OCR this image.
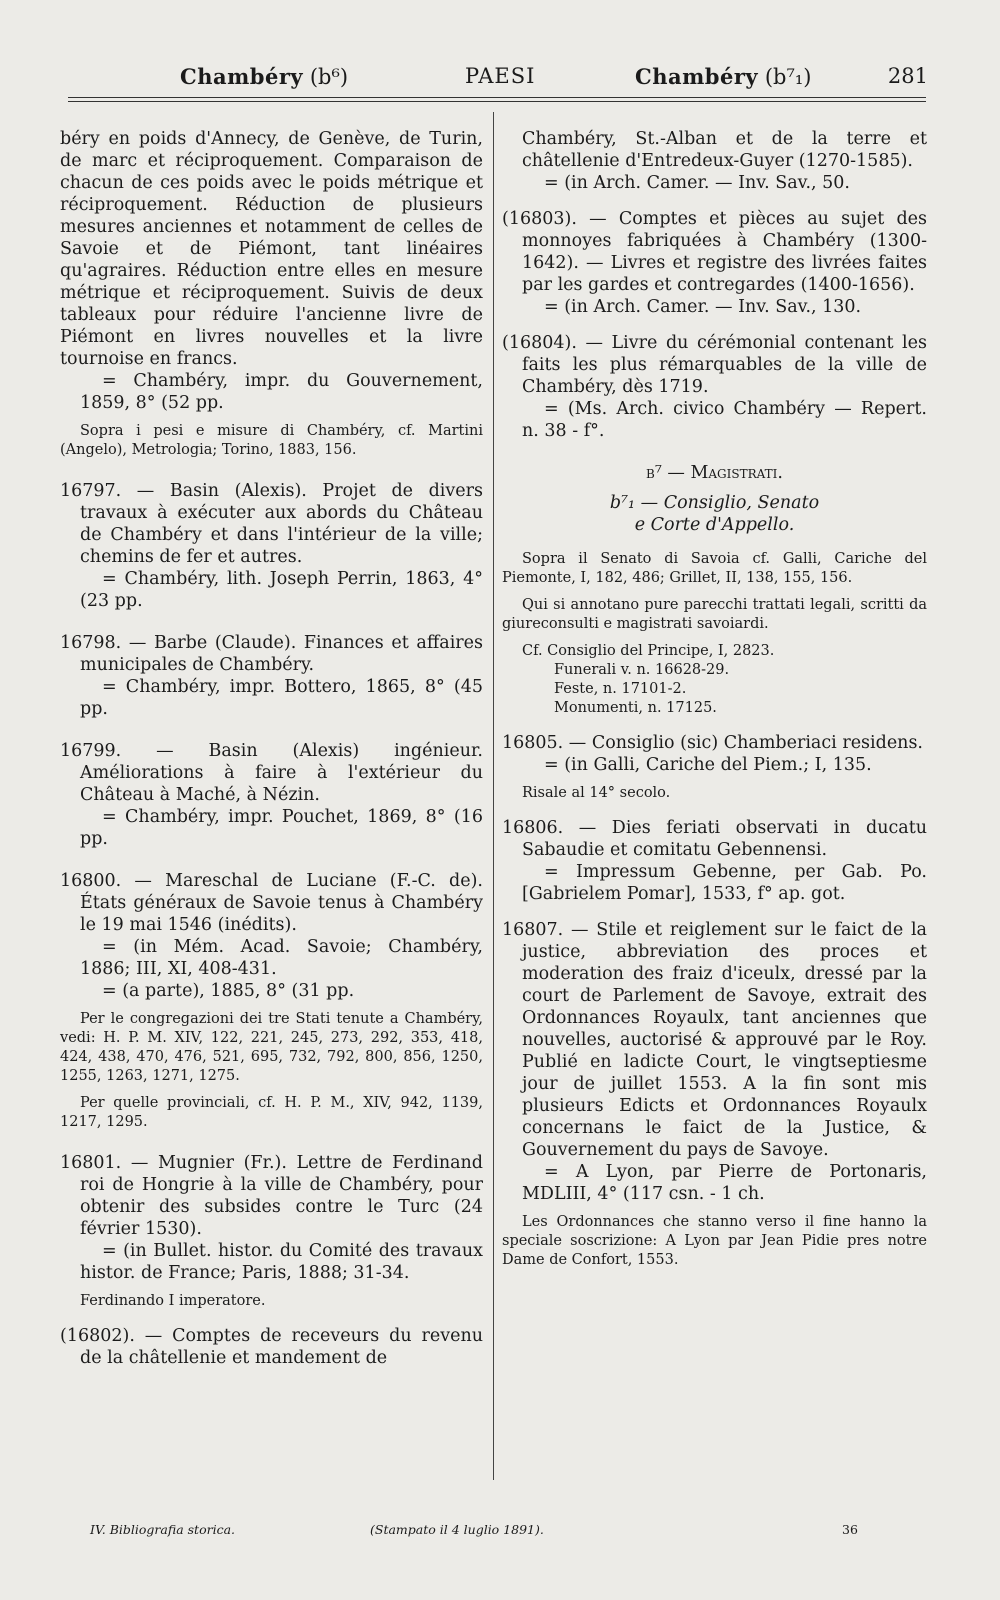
Chambéry (b⁶)	PAESI	Chambéry (b⁷₁)	281

béry en poids d'Annecy, de Genève, de Turin, de marc et réciproquement. Comparaison de chacun de ces poids avec le poids métrique et réciproquement. Réduction de plusieurs mesures anciennes et notamment de celles de Savoie et de Piémont, tant linéaires qu'agraires. Réduction entre elles en mesure métrique et réciproquement. Suivis de deux tableaux pour réduire l'ancienne livre de Piémont en livres nouvelles et la livre tournoise en francs.

= Chambéry, impr. du Gouvernement, 1859, 8° (52 pp.

Sopra i pesi e misure di Chambéry, cf. Martini (Angelo), Metrologia; Torino, 1883, 156.

16797. — Basin (Alexis). Projet de divers travaux à exécuter aux abords du Château de Chambéry et dans l'intérieur de la ville; chemins de fer et autres.

= Chambéry, lith. Joseph Perrin, 1863, 4° (23 pp.

16798. — Barbe (Claude). Finances et affaires municipales de Chambéry.

= Chambéry, impr. Bottero, 1865, 8° (45 pp.

16799. — Basin (Alexis) ingénieur. Améliorations à faire à l'extérieur du Château à Maché, à Nézin.

= Chambéry, impr. Pouchet, 1869, 8° (16 pp.

16800. — Mareschal de Luciane (F.-C. de). États généraux de Savoie tenus à Chambéry le 19 mai 1546 (inédits).

= (in Mém. Acad. Savoie; Chambéry, 1886; III, XI, 408-431.

= (a parte), 1885, 8° (31 pp.

Per le congregazioni dei tre Stati tenute a Chambéry, vedi: H. P. M. XIV, 122, 221, 245, 273, 292, 353, 418, 424, 438, 470, 476, 521, 695, 732, 792, 800, 856, 1250, 1255, 1263, 1271, 1275.

Per quelle provinciali, cf. H. P. M., XIV, 942, 1139, 1217, 1295.

16801. — Mugnier (Fr.). Lettre de Ferdinand roi de Hongrie à la ville de Chambéry, pour obtenir des subsides contre le Turc (24 février 1530).

= (in Bullet. histor. du Comité des travaux histor. de France; Paris, 1888; 31-34.

Ferdinando I imperatore.

(16802). — Comptes de receveurs du revenu de la châtellenie et mandement de

Chambéry, St.-Alban et de la terre et châtellenie d'Entredeux-Guyer (1270-1585).

= (in Arch. Camer. — Inv. Sav., 50.

(16803). — Comptes et pièces au sujet des monnoyes fabriquées à Chambéry (1300-1642). — Livres et registre des livrées faites par les gardes et contregardes (1400-1656).

= (in Arch. Camer. — Inv. Sav., 130.

(16804). — Livre du cérémonial contenant les faits les plus rémarquables de la ville de Chambéry, dès 1719.

= (Ms. Arch. civico Chambéry — Repert. n. 38 - f°.

b⁷ — Magistrati.

b⁷₁ — Consiglio, Senato

e Corte d'Appello.

Sopra il Senato di Savoia cf. Galli, Cariche del Piemonte, I, 182, 486; Grillet, II, 138, 155, 156.

Qui si annotano pure parecchi trattati legali, scritti da giureconsulti e magistrati savoiardi.

Cf. Consiglio del Principe, I, 2823.

Funerali v. n. 16628-29.

Feste, n. 17101-2.

Monumenti, n. 17125.

16805. — Consiglio (sic) Chamberiaci residens.

= (in Galli, Cariche del Piem.; I, 135.

Risale al 14° secolo.

16806. — Dies feriati observati in ducatu Sabaudie et comitatu Gebennensi.

= Impressum Gebenne, per Gab. Po. [Gabrielem Pomar], 1533, f° ap. got.

16807. — Stile et reiglement sur le faict de la justice, abbreviation des proces et moderation des fraiz d'iceulx, dressé par la court de Parlement de Savoye, extrait des Ordonnances Royaulx, tant anciennes que nouvelles, auctorisé & approuvé par le Roy. Publié en ladicte Court, le vingtseptiesme jour de juillet 1553. A la fin sont mis plusieurs Edicts et Ordonnances Royaulx concernans le faict de la Justice, & Gouvernement du pays de Savoye.

= A Lyon, par Pierre de Portonaris, MDLIII, 4° (117 csn. - 1 ch.

Les Ordonnances che stanno verso il fine hanno la speciale soscrizione: A Lyon par Jean Pidie pres notre Dame de Confort, 1553.

IV. Bibliografia storica.	(Stampato il 4 luglio 1891).	36
